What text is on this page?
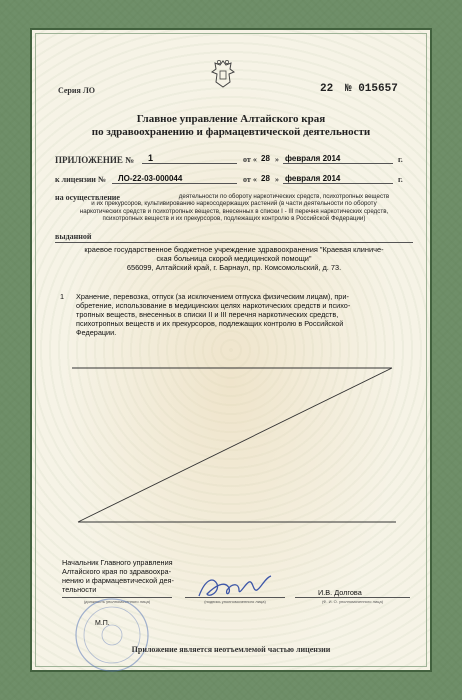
Серия ЛО	22 № 015657
Главное управление Алтайского края
по здравоохранению и фармацевтической деятельности
ПРИЛОЖЕНИЕ № 1	от « 28 » февраля 2014	г.
к лицензии № ЛО-22-03-000044	от « 28 » февраля 2014	г.
на осуществление	деятельности по обороту наркотических средств, психотропных веществ
и их прекурсоров, культивированию наркосодержащих растений (в части деятельности по обороту
наркотических средств и психотропных веществ, внесенных в списки I - III перечня наркотических средств,
психотропных веществ и их прекурсоров, подлежащих контролю в Российской Федерации)
выданной
краевое государственное бюджетное учреждение здравоохранения "Краевая клиниче-
ская больница скорой медицинской помощи"
656099, Алтайский край, г. Барнаул, пр. Комсомольский, д. 73.
1 Хранение, перевозка, отпуск (за исключением отпуска физическим лицам), при-
обретение, использование в медицинских целях наркотических средств и психо-
тропных веществ, внесенных в списки II и III перечня наркотических средств,
психотропных веществ и их прекурсоров, подлежащих контролю в Российской
Федерации.
Начальник Главного управления
Алтайского края по здравоохра-
нению и фармацевтической дея-
тельности
(должность уполномоченного лица)
М.П.
(подпись уполномоченного лица)
И.В. Долгова
(Ф. И. О. уполномоченного лица)
Приложение является неотъемлемой частью лицензии
